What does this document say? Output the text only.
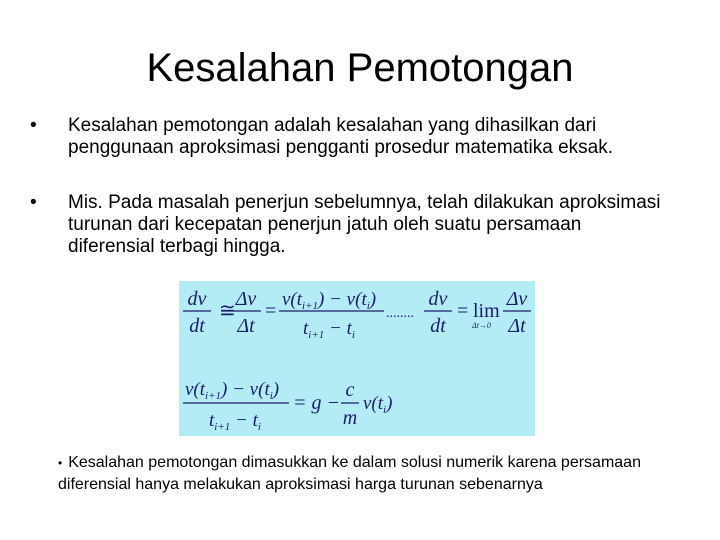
Kesalahan Pemotongan
• Kesalahan pemotongan adalah kesalahan yang dihasilkan dari penggunaan aproksimasi pengganti prosedur matematika eksak.
• Mis. Pada masalah penerjun sebelumnya, telah dilakukan aproksimasi turunan dari kecepatan penerjun jatuh oleh suatu persamaan diferensial terbagi hingga.
dv
dt
≅
Δv
Δt
=
$v(t_{i+1}) - v(t_i)$
$t_{i+1} - t_i$
........
dv
dt
= lim
Δt→0
Δv
Δt
$v(t_{i+1}) - v(t_i)$
$t_{i+1} - t_i$
= g −
c
m
$v(t_i)$
• Kesalahan pemotongan dimasukkan ke dalam solusi numerik karena persamaan diferensial hanya melakukan aproksimasi harga turunan sebenarnya
